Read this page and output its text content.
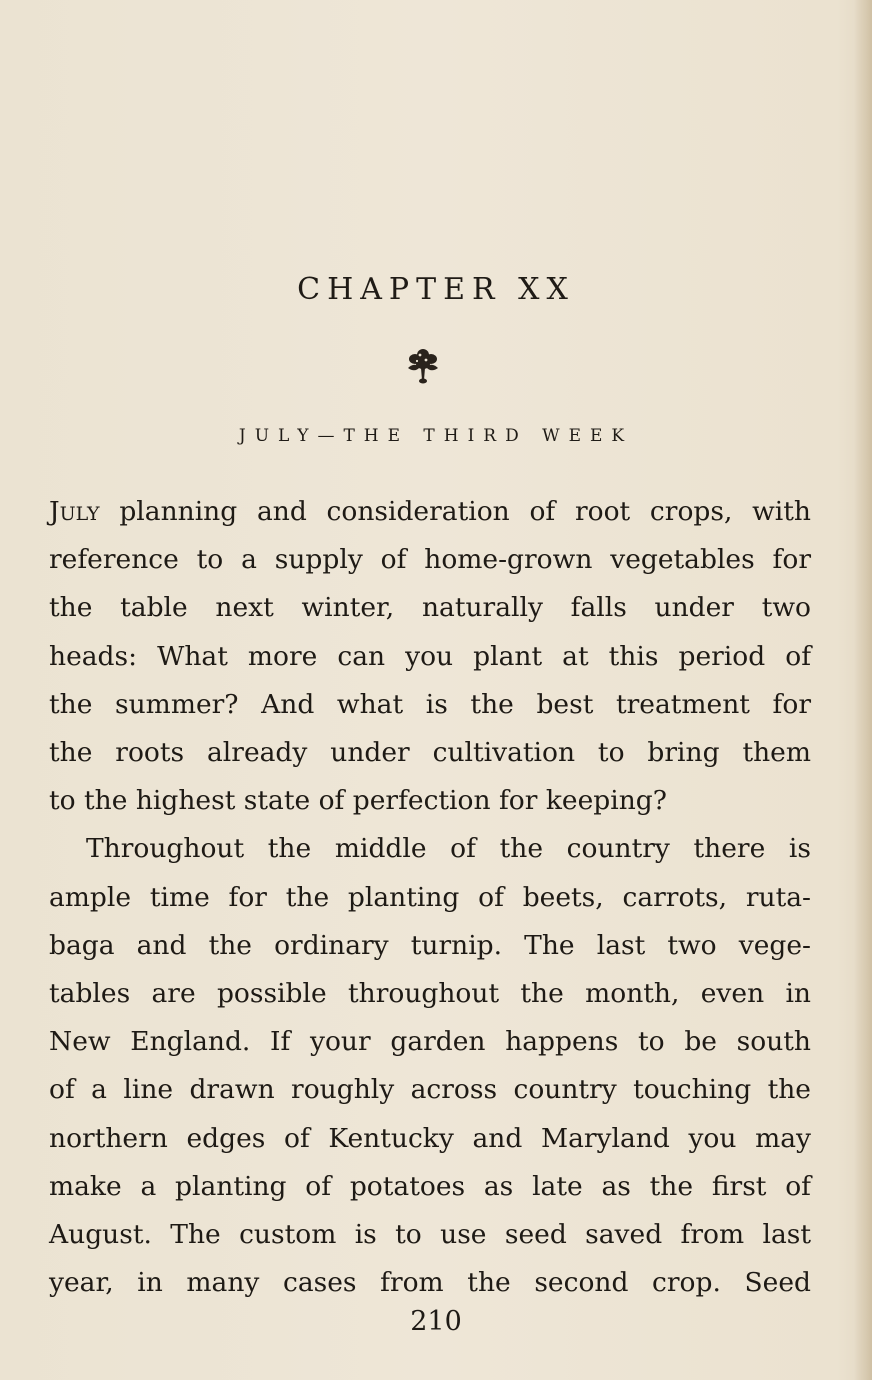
CHAPTER XX
JULY—THE THIRD WEEK
July planning and consideration of root crops, with
reference to a supply of home-grown vegetables for
the table next winter, naturally falls under two
heads: What more can you plant at this period of
the summer? And what is the best treatment for
the roots already under cultivation to bring them
to the highest state of perfection for keeping?
Throughout the middle of the country there is
ample time for the planting of beets, carrots, ruta-
baga and the ordinary turnip. The last two vege-
tables are possible throughout the month, even in
New England. If your garden happens to be south
of a line drawn roughly across country touching the
northern edges of Kentucky and Maryland you may
make a planting of potatoes as late as the first of
August. The custom is to use seed saved from last
year, in many cases from the second crop. Seed
210
